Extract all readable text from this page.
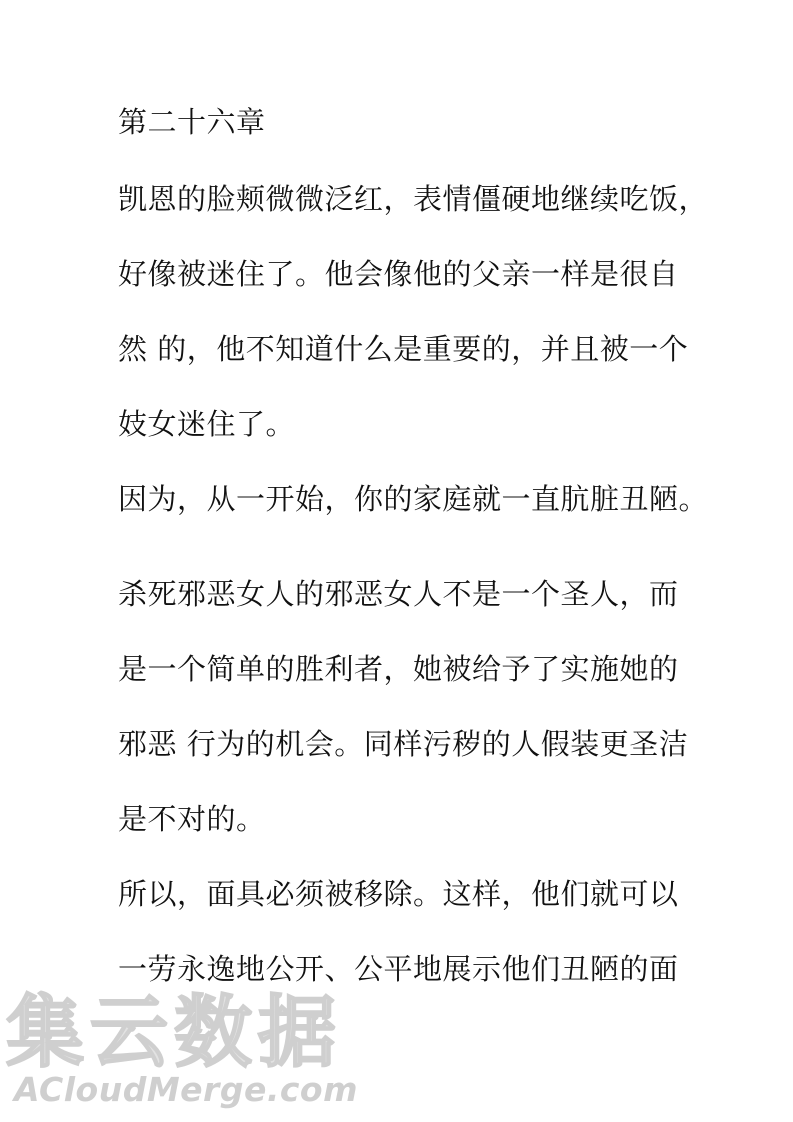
第二十六章
凯恩的脸颊微微泛红，表情僵硬地继续吃饭，
好像被迷住了。他会像他的父亲一样是很自
然 的，他不知道什么是重要的，并且被一个
妓女迷住了。
因为，从一开始，你的家庭就一直肮脏丑陋。
杀死邪恶女人的邪恶女人不是一个圣人，而
是一个简单的胜利者，她被给予了实施她的
邪恶 行为的机会。同样污秽的人假装更圣洁
是不对的。
所以，面具必须被移除。这样，他们就可以
一劳永逸地公开、公平地展示他们丑陋的面
集云数据
ACloudMerge.com
